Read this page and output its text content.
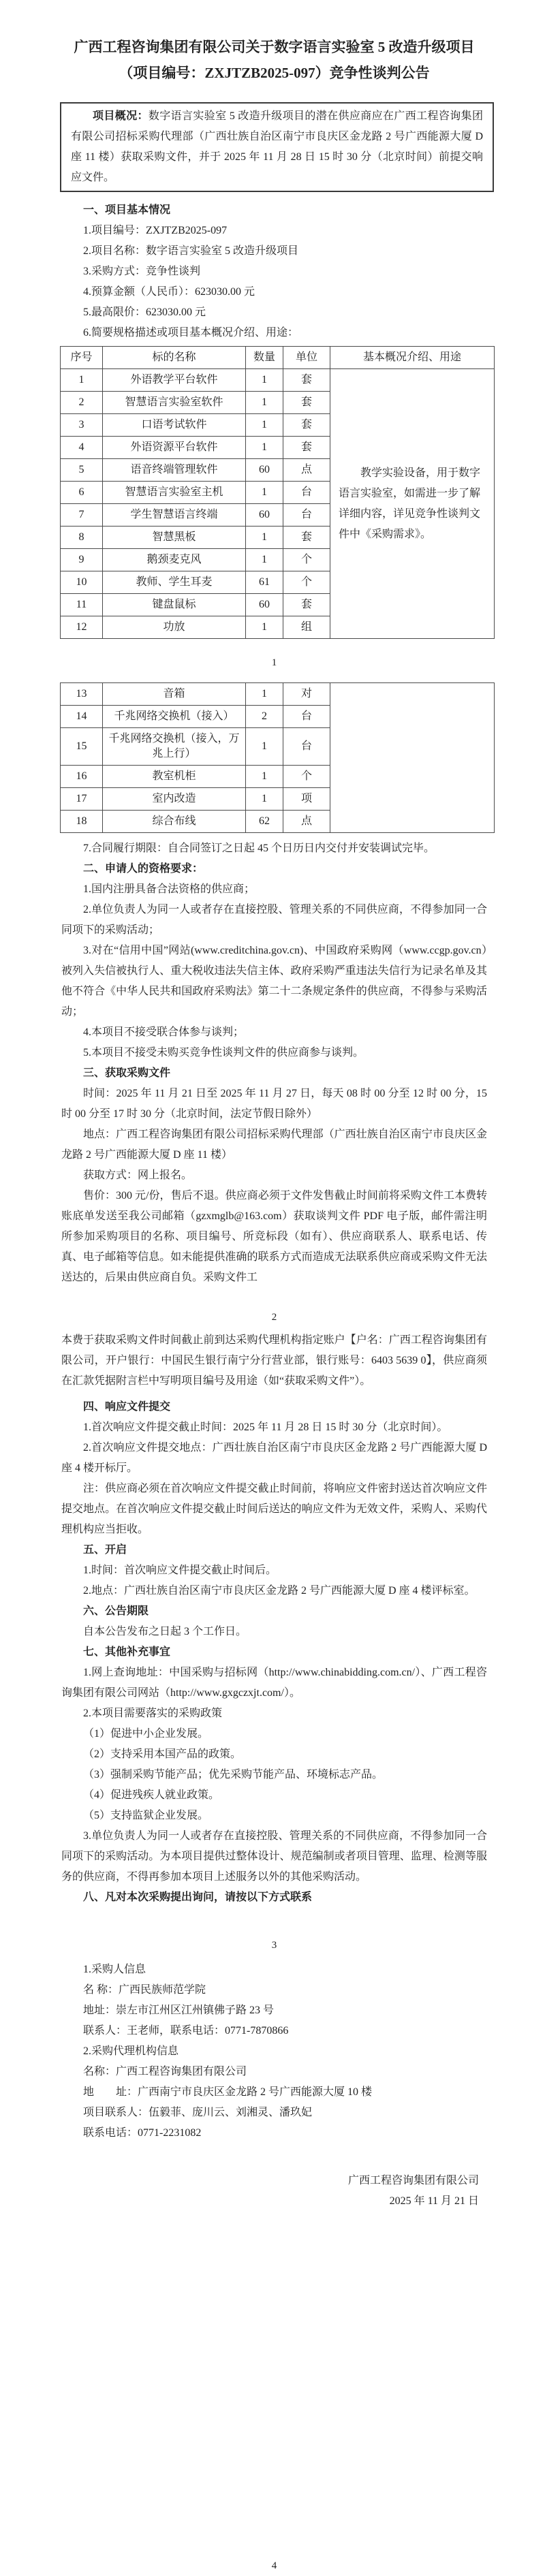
广西工程咨询集团有限公司关于数字语言实验室 5 改造升级项目

（项目编号：ZXJTZB2025-097）竞争性谈判公告

项目概况：数字语言实验室 5 改造升级项目的潜在供应商应在广西工程咨询集团有限公司招标采购代理部（广西壮族自治区南宁市良庆区金龙路 2 号广西能源大厦 D 座 11 楼）获取采购文件，并于 2025 年 11 月 28 日 15 时 30 分（北京时间）前提交响应文件。

一、项目基本情况

1.项目编号：ZXJTZB2025-097

2.项目名称：数字语言实验室 5 改造升级项目

3.采购方式：竞争性谈判

4.预算金额（人民币）：623030.00 元

5.最高限价：623030.00 元

6.简要规格描述或项目基本概况介绍、用途：

序号	标的名称	数量	单位	基本概况介绍、用途
1	外语教学平台软件	1	套	教学实验设备，用于数字语言实验室，如需进一步了解详细内容，详见竞争性谈判文件中《采购需求》。

2	智慧语言实验室软件	1	套	
3	口语考试软件	1	套	
4	外语资源平台软件	1	套	
5	语音终端管理软件	60	点	
6	智慧语言实验室主机	1	台	
7	学生智慧语言终端	60	台	
8	智慧黑板	1	套	
9	鹅颈麦克风	1	个	
10	教师、学生耳麦	61	个	
11	键盘鼠标	60	套	
12	功放	1	组	

1

13	音箱	1	对	
14	千兆网络交换机（接入）	2	台	
15	千兆网络交换机（接入，万兆上行）	1	台	
16	教室机柜	1	个	
17	室内改造	1	项	
18	综合布线	62	点	

7.合同履行期限：自合同签订之日起 45 个日历日内交付并安装调试完毕。

二、申请人的资格要求：

1.国内注册具备合法资格的供应商；

2.单位负责人为同一人或者存在直接控股、管理关系的不同供应商，不得参加同一合同项下的采购活动；

3.对在“信用中国”网站(www.creditchina.gov.cn)、中国政府采购网（www.ccgp.gov.cn）被列入失信被执行人、重大税收违法失信主体、政府采购严重违法失信行为记录名单及其他不符合《中华人民共和国政府采购法》第二十二条规定条件的供应商，不得参与采购活动；

4.本项目不接受联合体参与谈判；

5.本项目不接受未购买竞争性谈判文件的供应商参与谈判。

三、获取采购文件

时间：2025 年 11 月 21 日至 2025 年 11 月 27 日，每天 08 时 00 分至 12 时 00 分，15 时 00 分至 17 时 30 分（北京时间，法定节假日除外）

地点：广西工程咨询集团有限公司招标采购代理部（广西壮族自治区南宁市良庆区金龙路 2 号广西能源大厦 D 座 11 楼）

获取方式：网上报名。

售价：300 元/份，售后不退。供应商必须于文件发售截止时间前将采购文件工本费转账底单发送至我公司邮箱（gzxmglb@163.com）获取谈判文件 PDF 电子版，邮件需注明所参加采购项目的名称、项目编号、所竞标段（如有）、供应商联系人、联系电话、传真、电子邮箱等信息。如未能提供准确的联系方式而造成无法联系供应商或采购文件无法送达的，后果由供应商自负。采购文件工

2

本费于获取采购文件时间截止前到达采购代理机构指定账户【户名：广西工程咨询集团有限公司，开户银行：中国民生银行南宁分行营业部，银行账号：6403 5639 0】，供应商须在汇款凭据附言栏中写明项目编号及用途（如“获取采购文件”）。

四、响应文件提交

1.首次响应文件提交截止时间：2025 年 11 月 28 日 15 时 30 分（北京时间）。

2.首次响应文件提交地点：广西壮族自治区南宁市良庆区金龙路 2 号广西能源大厦 D 座 4 楼开标厅。

注：供应商必须在首次响应文件提交截止时间前，将响应文件密封送达首次响应文件提交地点。在首次响应文件提交截止时间后送达的响应文件为无效文件，采购人、采购代理机构应当拒收。

五、开启

1.时间：首次响应文件提交截止时间后。

2.地点：广西壮族自治区南宁市良庆区金龙路 2 号广西能源大厦 D 座 4 楼评标室。

六、公告期限

自本公告发布之日起 3 个工作日。

七、其他补充事宜

1.网上查询地址：中国采购与招标网（http://www.chinabidding.com.cn/）、广西工程咨询集团有限公司网站（http://www.gxgczxjt.com/）。

2.本项目需要落实的采购政策

（1）促进中小企业发展。

（2）支持采用本国产品的政策。

（3）强制采购节能产品；优先采购节能产品、环境标志产品。

（4）促进残疾人就业政策。

（5）支持监狱企业发展。

3.单位负责人为同一人或者存在直接控股、管理关系的不同供应商，不得参加同一合同项下的采购活动。为本项目提供过整体设计、规范编制或者项目管理、监理、检测等服务的供应商，不得再参加本项目上述服务以外的其他采购活动。

八、凡对本次采购提出询问，请按以下方式联系

3

1.采购人信息

名 称：广西民族师范学院

地址：崇左市江州区江州镇佛子路 23 号

联系人：王老师，联系电话：0771-7870866

2.采购代理机构信息

名称：广西工程咨询集团有限公司

地　　址：广西南宁市良庆区金龙路 2 号广西能源大厦 10 楼

项目联系人：伍毅菲、庞川云、刘湘灵、潘玖妃

联系电话：0771-2231082

广西工程咨询集团有限公司

2025 年 11 月 21 日

4
